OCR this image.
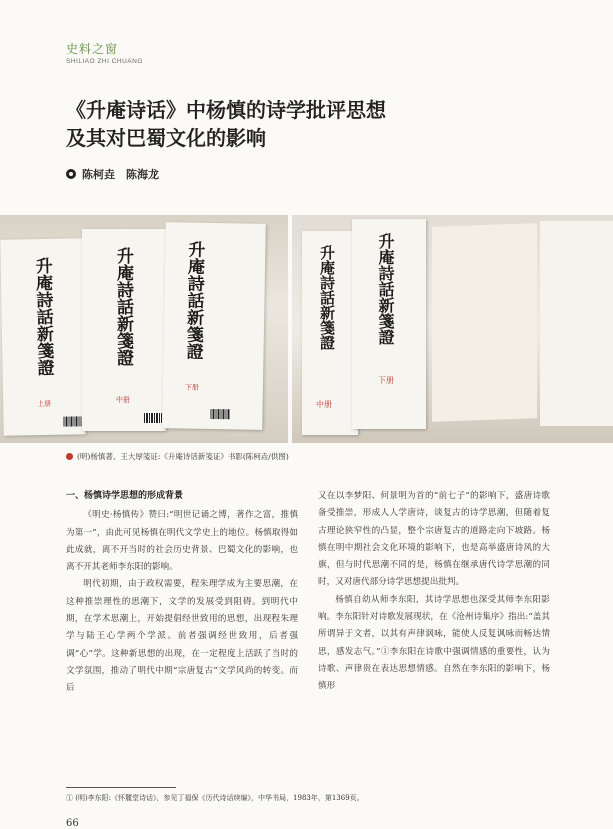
史料之窗
SHILIAO ZHI CHUANG
《升庵诗话》中杨慎的诗学批评思想
及其对巴蜀文化的影响
陈柯垚　陈海龙
升庵詩話新箋證
上册
升庵詩話新箋證
中册
升庵詩話新箋證
下册
升庵詩話新箋證
中册
升庵詩話新箋證
下册
(明)杨慎著、王大厚笺证:《升庵诗话新笺证》书影(陈柯垚/供图)
一、杨慎诗学思想的形成背景

《明史·杨慎传》赞曰:“明世记诵之博，著作之富，推慎为第一”，由此可见杨慎在明代文学史上的地位。杨慎取得如此成就，离不开当时的社会历史背景、巴蜀文化的影响，也离不开其老师李东阳的影响。

明代初期，由于政权需要，程朱理学成为主要思潮，在这种推崇理性的思潮下，文学的发展受到阻碍。到明代中期，在学术思潮上，开始提倡经世致用的思想，出现程朱理学与陆王心学两个学派。前者强调经世致用，后者强调“心”学。这种新思想的出现，在一定程度上活跃了当时的文学氛围，推动了明代中期“宗唐复古”文学风尚的转变。而后

又在以李梦阳、何景明为首的“前七子”的影响下，盛唐诗歌备受推崇，形成人人学唐诗，谈复古的诗学思潮，但随着复古理论狭窄性的凸显，整个宗唐复古的道路走向下坡路。杨慎在明中期社会文化环境的影响下，也是高举盛唐诗风的大旗，但与时代思潮不同的是，杨慎在继承唐代诗学思潮的同时，又对唐代部分诗学思想提出批判。

杨慎自幼从师李东阳，其诗学思想也深受其师李东阳影响。李东阳针对诗歌发展现状，在《沧州诗集序》指出:“盖其所谓异于文者，以其有声律讽咏，能使人反复讽咏而畅达情思，感发志气。”①李东阳在诗歌中强调情感的重要性，认为诗歌、声律贵在表达思想情感。自然在李东阳的影响下，杨慎形

① (明)李东阳:《怀麓堂诗话》，参见丁福保《历代诗话续编》，中华书局，1983年，第1369页。
66
